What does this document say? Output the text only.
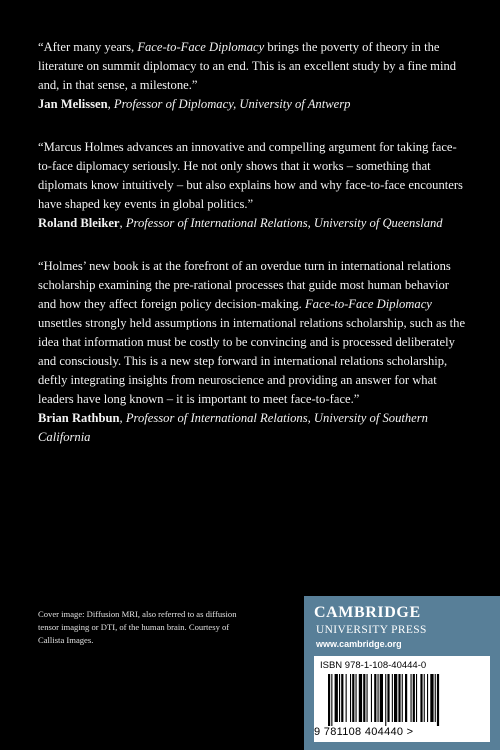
“After many years, Face-to-Face Diplomacy brings the poverty of theory in the literature on summit diplomacy to an end. This is an excellent study by a fine mind and, in that sense, a milestone.”

Jan Melissen, Professor of Diplomacy, University of Antwerp

“Marcus Holmes advances an innovative and compelling argument for taking face-to-face diplomacy seriously. He not only shows that it works – something that diplomats know intuitively – but also explains how and why face-to-face encounters have shaped key events in global politics.”

Roland Bleiker, Professor of International Relations, University of Queensland

“Holmes’ new book is at the forefront of an overdue turn in international relations scholarship examining the pre-rational processes that guide most human behavior and how they affect foreign policy decision-making. Face-to-Face Diplomacy unsettles strongly held assumptions in international relations scholarship, such as the idea that information must be costly to be convincing and is processed deliberately and consciously. This is a new step forward in international relations scholarship, deftly integrating insights from neuroscience and providing an answer for what leaders have long known – it is important to meet face-to-face.”

Brian Rathbun, Professor of International Relations, University of Southern California

Cover image: Diffusion MRI, also referred to as diffusion tensor imaging or DTI, of the human brain. Courtesy of Callista Images.
CAMBRIDGE
UNIVERSITY PRESS
www.cambridge.org
ISBN 978-1-108-40444-0
9 781108 404440 >
